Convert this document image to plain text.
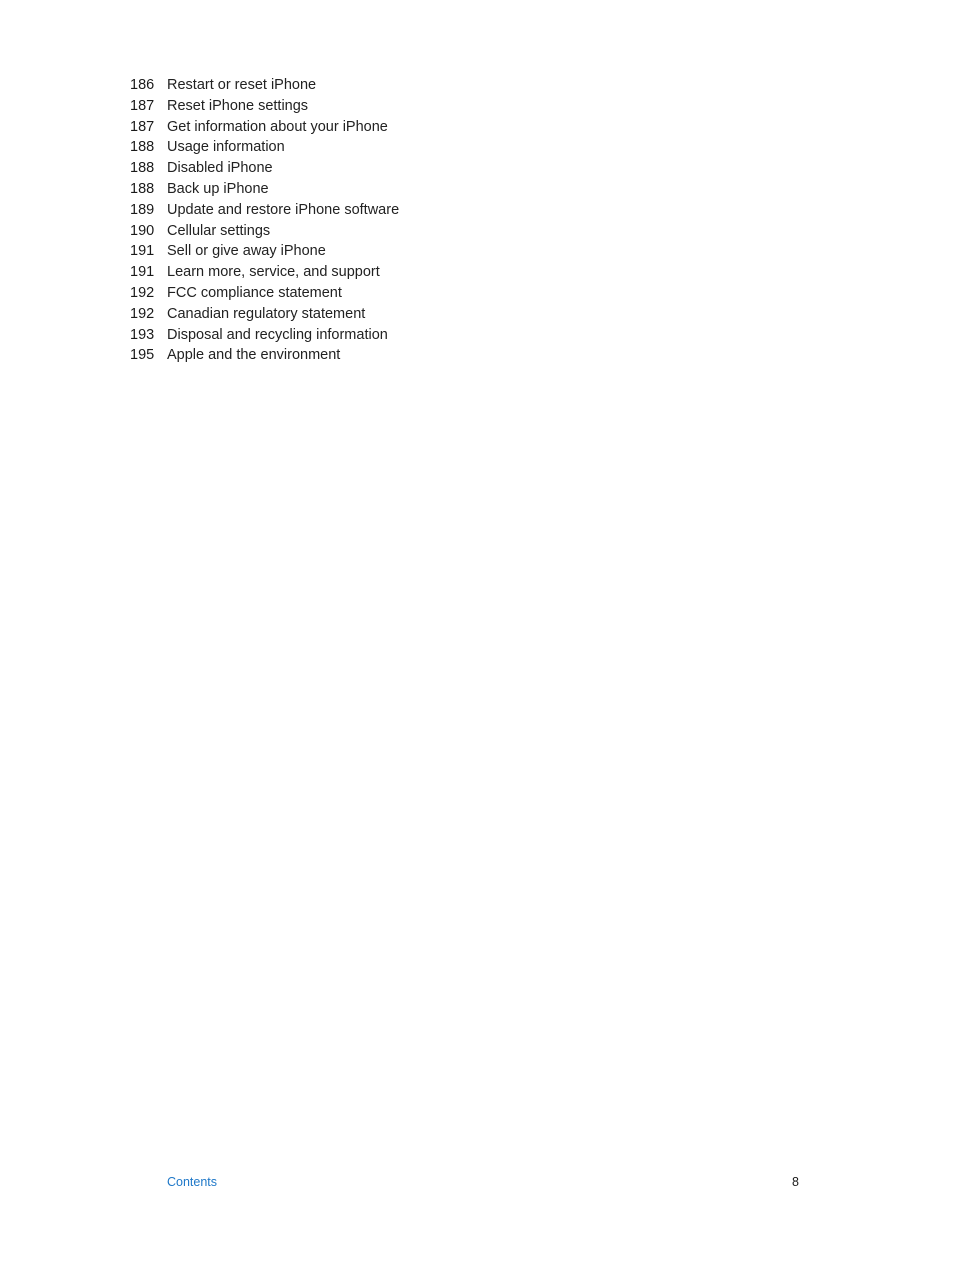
186 Restart or reset iPhone
187 Reset iPhone settings
187 Get information about your iPhone
188 Usage information
188 Disabled iPhone
188 Back up iPhone
189 Update and restore iPhone software
190 Cellular settings
191 Sell or give away iPhone
191 Learn more, service, and support
192 FCC compliance statement
192 Canadian regulatory statement
193 Disposal and recycling information
195 Apple and the environment
Contents	8
